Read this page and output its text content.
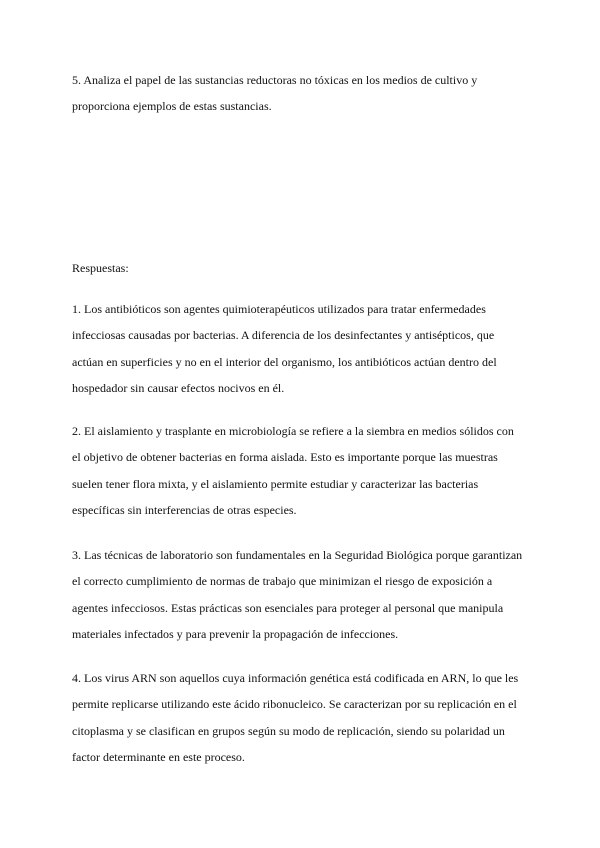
5. Analiza el papel de las sustancias reductoras no tóxicas en los medios de cultivo y
proporciona ejemplos de estas sustancias.

Respuestas:

1. Los antibióticos son agentes quimioterapéuticos utilizados para tratar enfermedades
infecciosas causadas por bacterias. A diferencia de los desinfectantes y antisépticos, que
actúan en superficies y no en el interior del organismo, los antibióticos actúan dentro del
hospedador sin causar efectos nocivos en él.

2. El aislamiento y trasplante en microbiología se refiere a la siembra en medios sólidos con
el objetivo de obtener bacterias en forma aislada. Esto es importante porque las muestras
suelen tener flora mixta, y el aislamiento permite estudiar y caracterizar las bacterias
específicas sin interferencias de otras especies.

3. Las técnicas de laboratorio son fundamentales en la Seguridad Biológica porque garantizan
el correcto cumplimiento de normas de trabajo que minimizan el riesgo de exposición a
agentes infecciosos. Estas prácticas son esenciales para proteger al personal que manipula
materiales infectados y para prevenir la propagación de infecciones.

4. Los virus ARN son aquellos cuya información genética está codificada en ARN, lo que les
permite replicarse utilizando este ácido ribonucleico. Se caracterizan por su replicación en el
citoplasma y se clasifican en grupos según su modo de replicación, siendo su polaridad un
factor determinante en este proceso.
